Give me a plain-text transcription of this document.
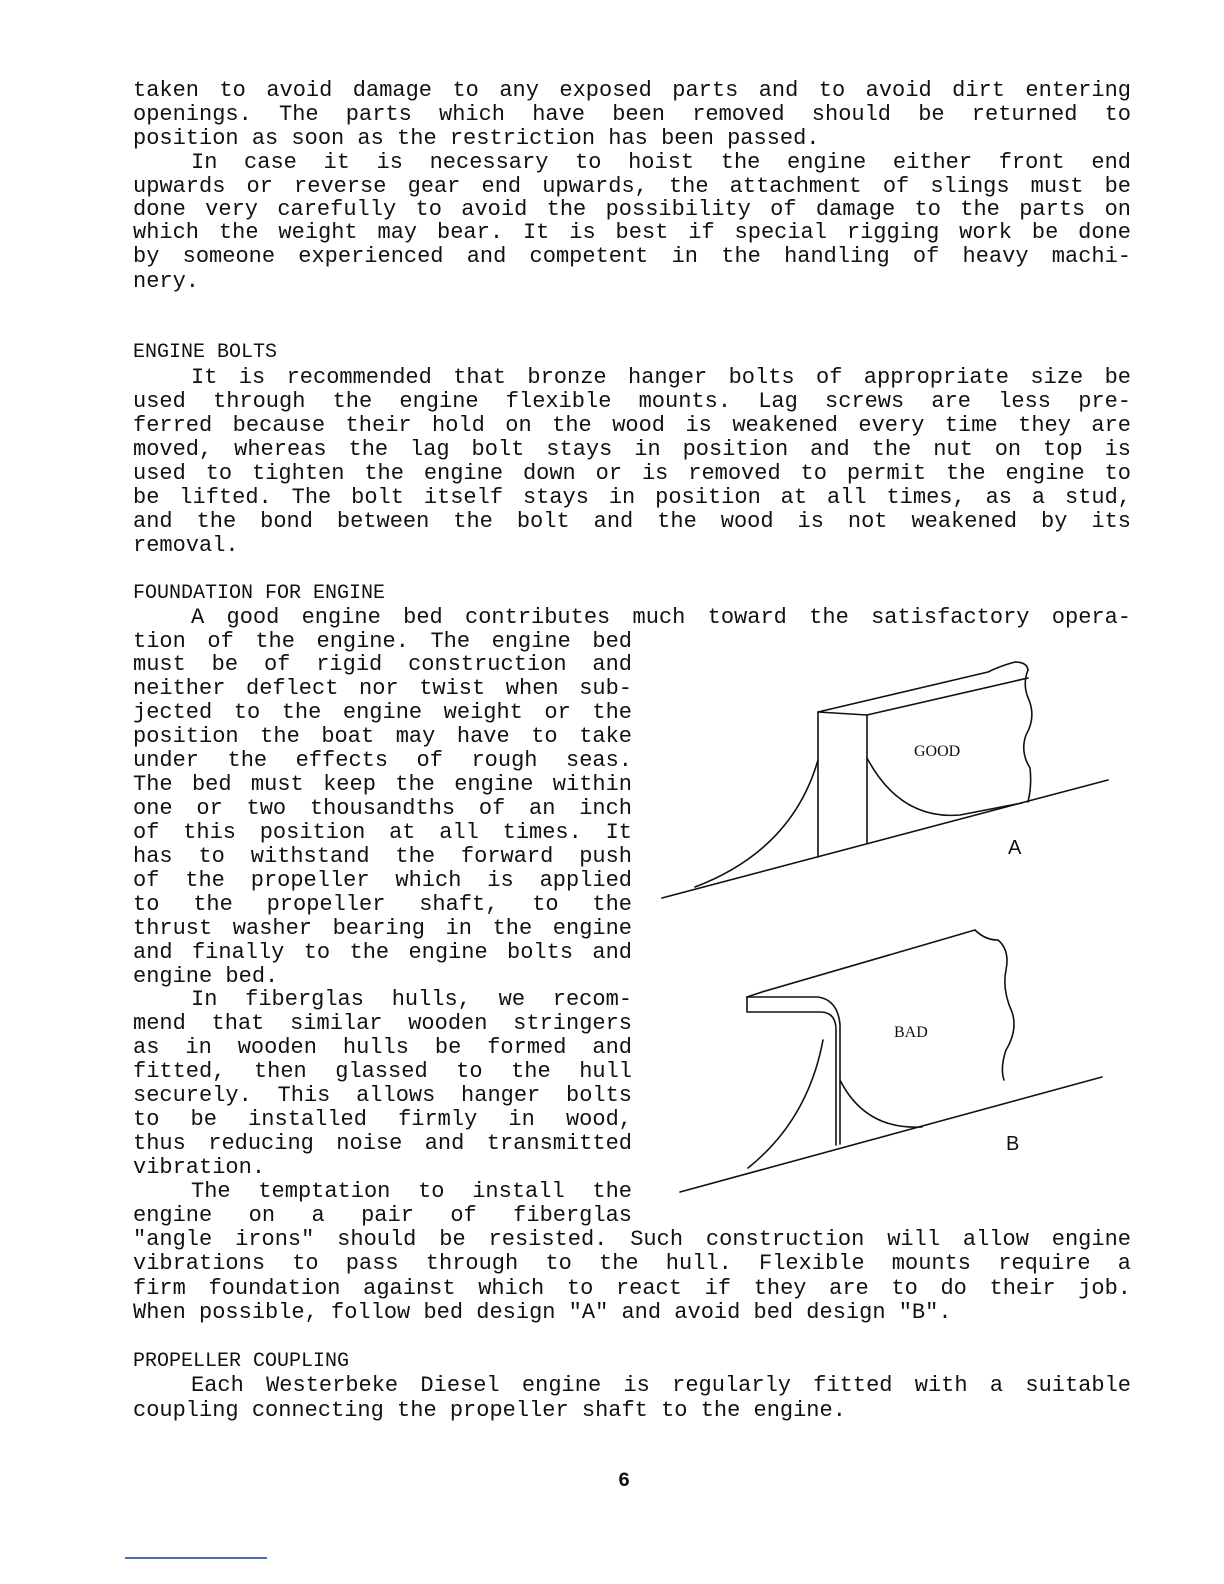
taken to avoid damage to any exposed parts and to avoid dirt entering
openings. The parts which have been removed should be returned to
position as soon as the restriction has been passed.
In case it is necessary to hoist the engine either front end
upwards or reverse gear end upwards, the attachment of slings must be
done very carefully to avoid the possibility of damage to the parts on
which the weight may bear. It is best if special rigging work be done
by someone experienced and competent in the handling of heavy machi-
nery.
ENGINE BOLTS
It is recommended that bronze hanger bolts of appropriate size be
used through the engine flexible mounts. Lag screws are less pre-
ferred because their hold on the wood is weakened every time they are
moved, whereas the lag bolt stays in position and the nut on top is
used to tighten the engine down or is removed to permit the engine to
be lifted. The bolt itself stays in position at all times, as a stud,
and the bond between the bolt and the wood is not weakened by its
removal.
FOUNDATION FOR ENGINE
A good engine bed contributes much toward the satisfactory opera-
tion of the engine. The engine bed
must be of rigid construction and
neither deflect nor twist when sub-
jected to the engine weight or the
position the boat may have to take
under the effects of rough seas.
The bed must keep the engine within
one or two thousandths of an inch
of this position at all times. It
has to withstand the forward push
of the propeller which is applied
to the propeller shaft, to the
thrust washer bearing in the engine
and finally to the engine bolts and
engine bed.
In fiberglas hulls, we recom-
mend that similar wooden stringers
as in wooden hulls be formed and
fitted, then glassed to the hull
securely. This allows hanger bolts
to be installed firmly in wood,
thus reducing noise and transmitted
vibration.
The temptation to install the
engine on a pair of fiberglas
"angle irons" should be resisted. Such construction will allow engine
vibrations to pass through to the hull. Flexible mounts require a
firm foundation against which to react if they are to do their job.
When possible, follow bed design "A" and avoid bed design "B".
GOOD
A
BAD
B
PROPELLER COUPLING
Each Westerbeke Diesel engine is regularly fitted with a suitable
coupling connecting the propeller shaft to the engine.
6
